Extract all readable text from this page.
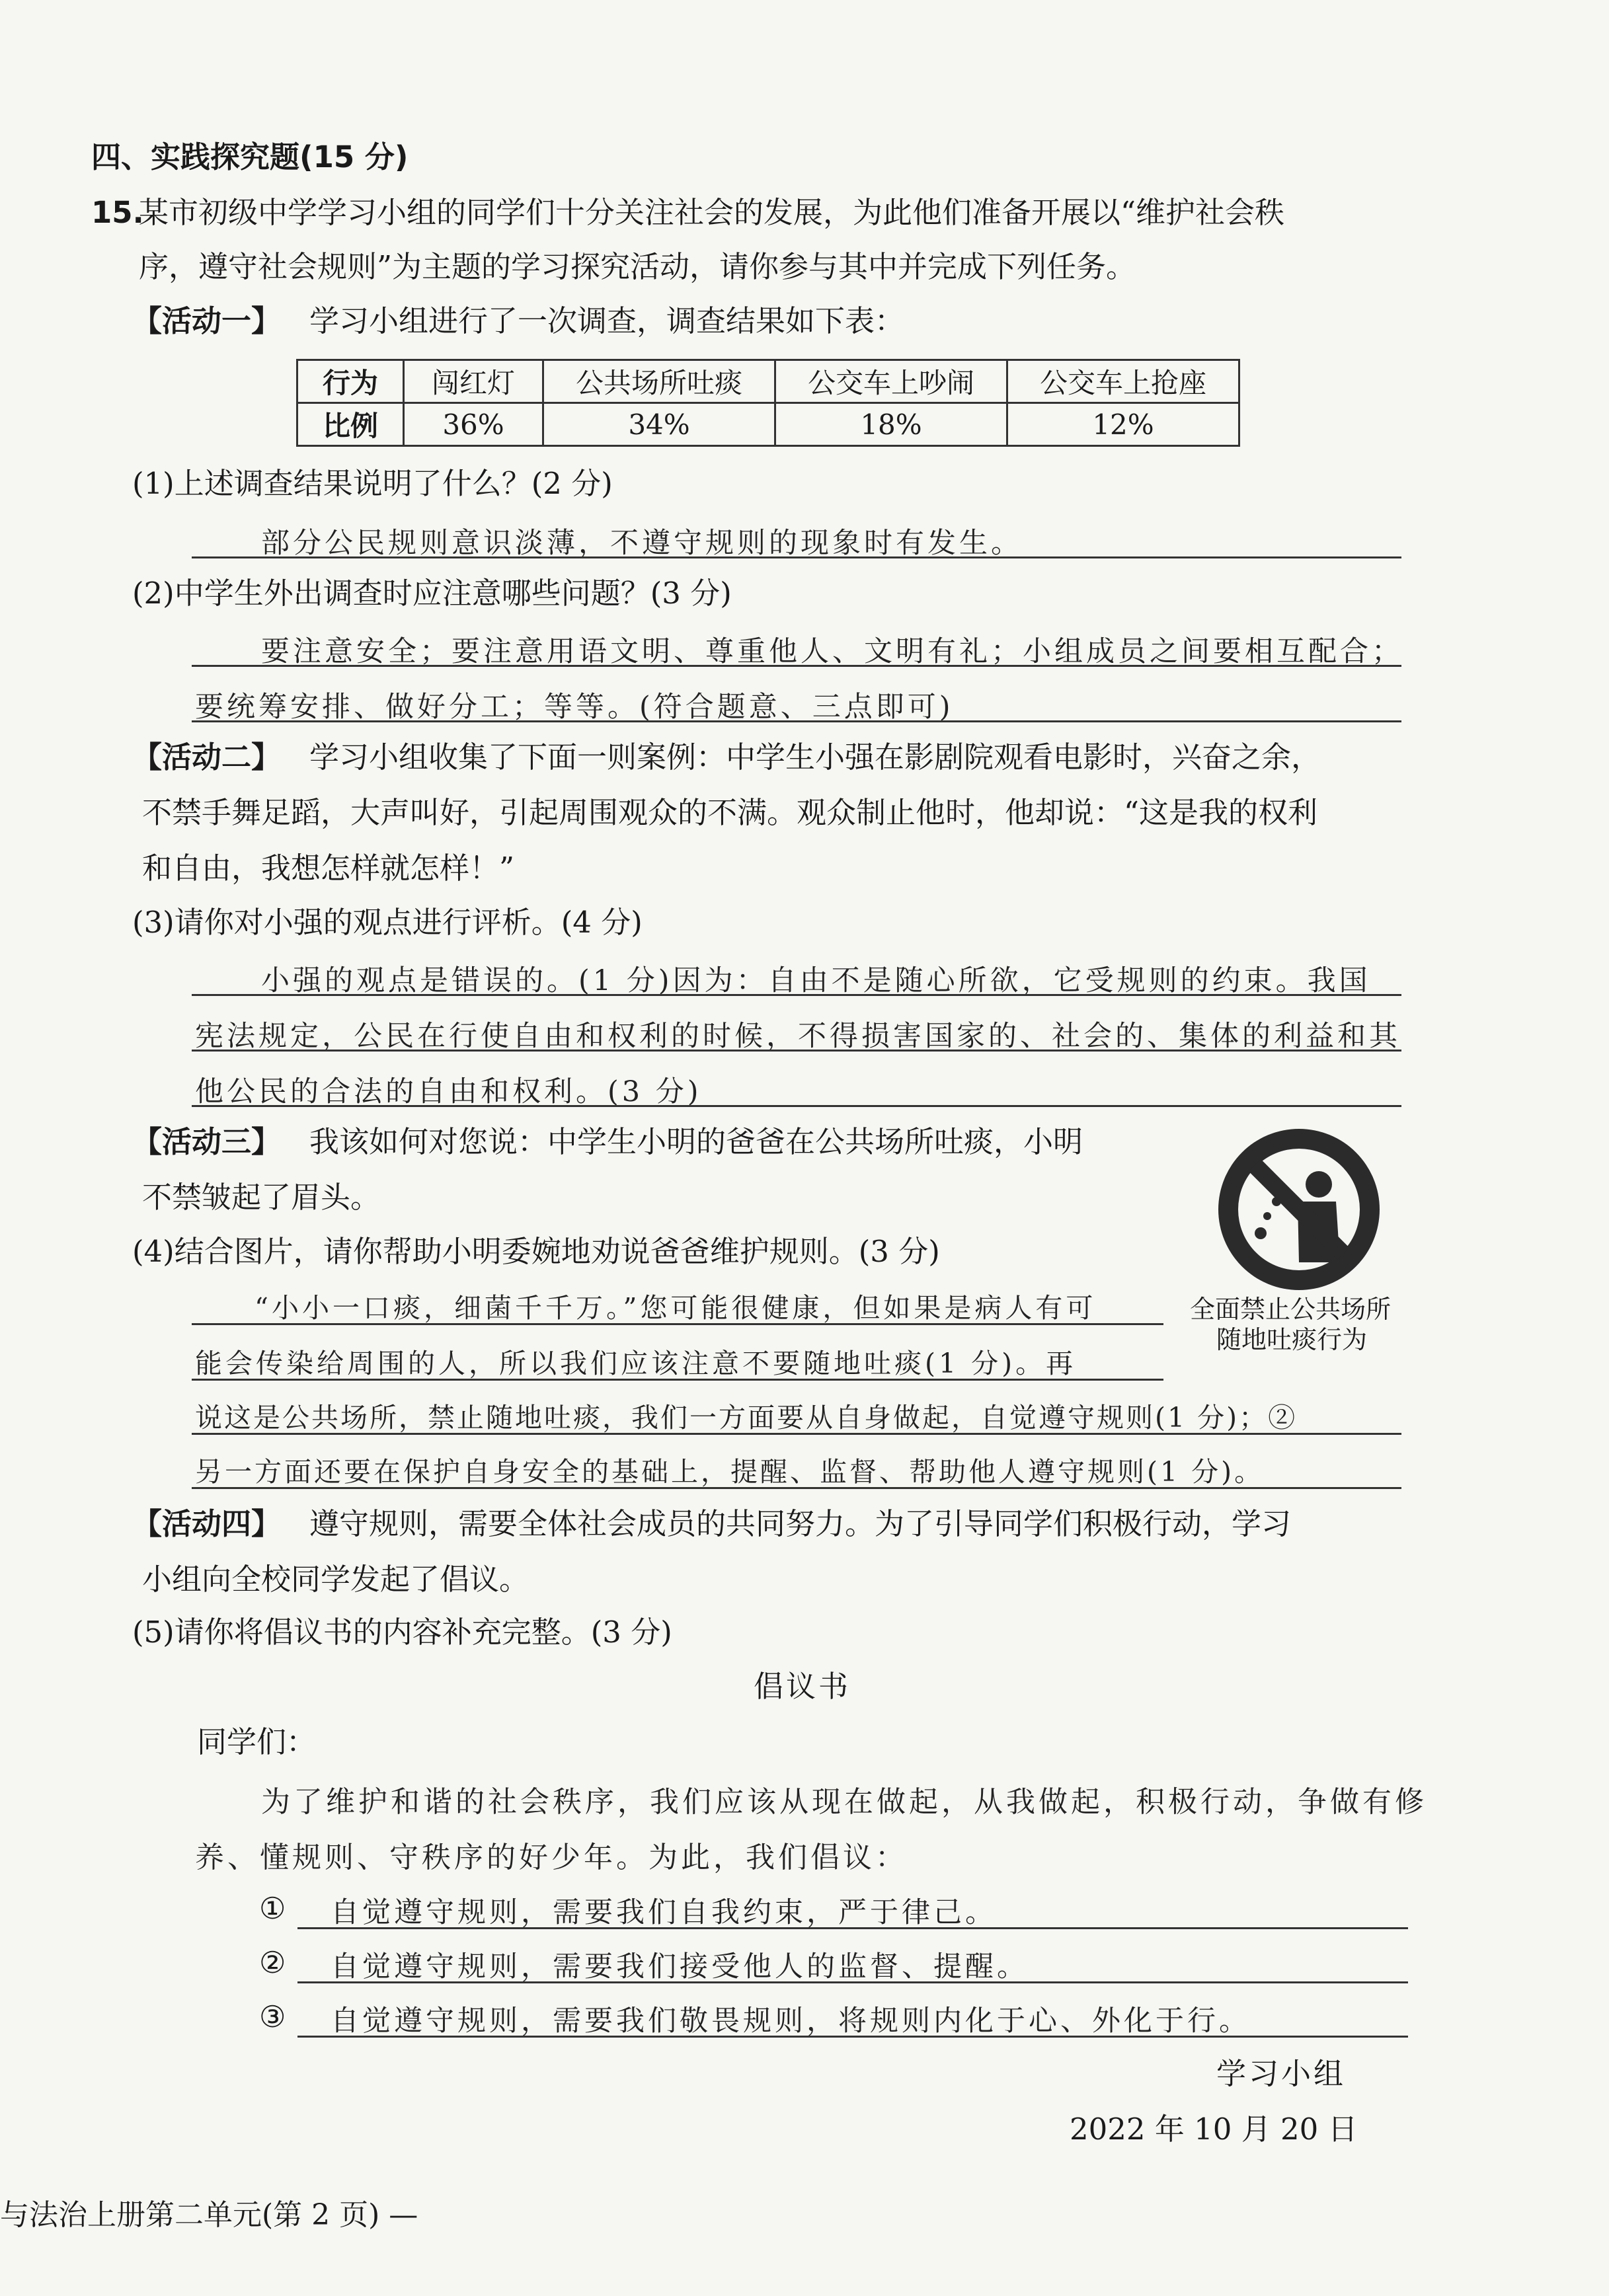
四、实践探究题(15 分)
15.
某市初级中学学习小组的同学们十分关注社会的发展，为此他们准备开展以“维护社会秩
序，遵守社会规则”为主题的学习探究活动，请你参与其中并完成下列任务。
【活动一】 学习小组进行了一次调查，调查结果如下表：
行为	闯红灯	公共场所吐痰	公交车上吵闹	公交车上抢座
比例	36%	34%	18%	12%
(1)上述调查结果说明了什么？(2 分)
部分公民规则意识淡薄，不遵守规则的现象时有发生。
(2)中学生外出调查时应注意哪些问题？(3 分)
要注意安全；要注意用语文明、尊重他人、文明有礼；小组成员之间要相互配合；
要统筹安排、做好分工；等等。(符合题意、三点即可)
【活动二】 学习小组收集了下面一则案例：中学生小强在影剧院观看电影时，兴奋之余，
不禁手舞足蹈，大声叫好，引起周围观众的不满。观众制止他时，他却说：“这是我的权利
和自由，我想怎样就怎样！”
(3)请你对小强的观点进行评析。(4 分)
小强的观点是错误的。(1 分)因为：自由不是随心所欲，它受规则的约束。我国
宪法规定，公民在行使自由和权利的时候，不得损害国家的、社会的、集体的利益和其
他公民的合法的自由和权利。(3 分)
【活动三】 我该如何对您说：中学生小明的爸爸在公共场所吐痰，小明
不禁皱起了眉头。
全面禁止公共场所
随地吐痰行为
(4)结合图片，请你帮助小明委婉地劝说爸爸维护规则。(3 分)
“小小一口痰，细菌千千万。”您可能很健康，但如果是病人有可
能会传染给周围的人，所以我们应该注意不要随地吐痰(1 分)。再
说这是公共场所，禁止随地吐痰，我们一方面要从自身做起，自觉遵守规则(1 分)；②
另一方面还要在保护自身安全的基础上，提醒、监督、帮助他人遵守规则(1 分)。
【活动四】 遵守规则，需要全体社会成员的共同努力。为了引导同学们积极行动，学习
小组向全校同学发起了倡议。
(5)请你将倡议书的内容补充完整。(3 分)
倡议书
同学们：
为了维护和谐的社会秩序，我们应该从现在做起，从我做起，积极行动，争做有修
养、懂规则、守秩序的好少年。为此，我们倡议：
① 自觉遵守规则，需要我们自我约束，严于律己。
② 自觉遵守规则，需要我们接受他人的监督、提醒。
③ 自觉遵守规则，需要我们敬畏规则，将规则内化于心、外化于行。
学习小组
2022 年 10 月 20 日
与法治上册第二单元(第 2 页) —
